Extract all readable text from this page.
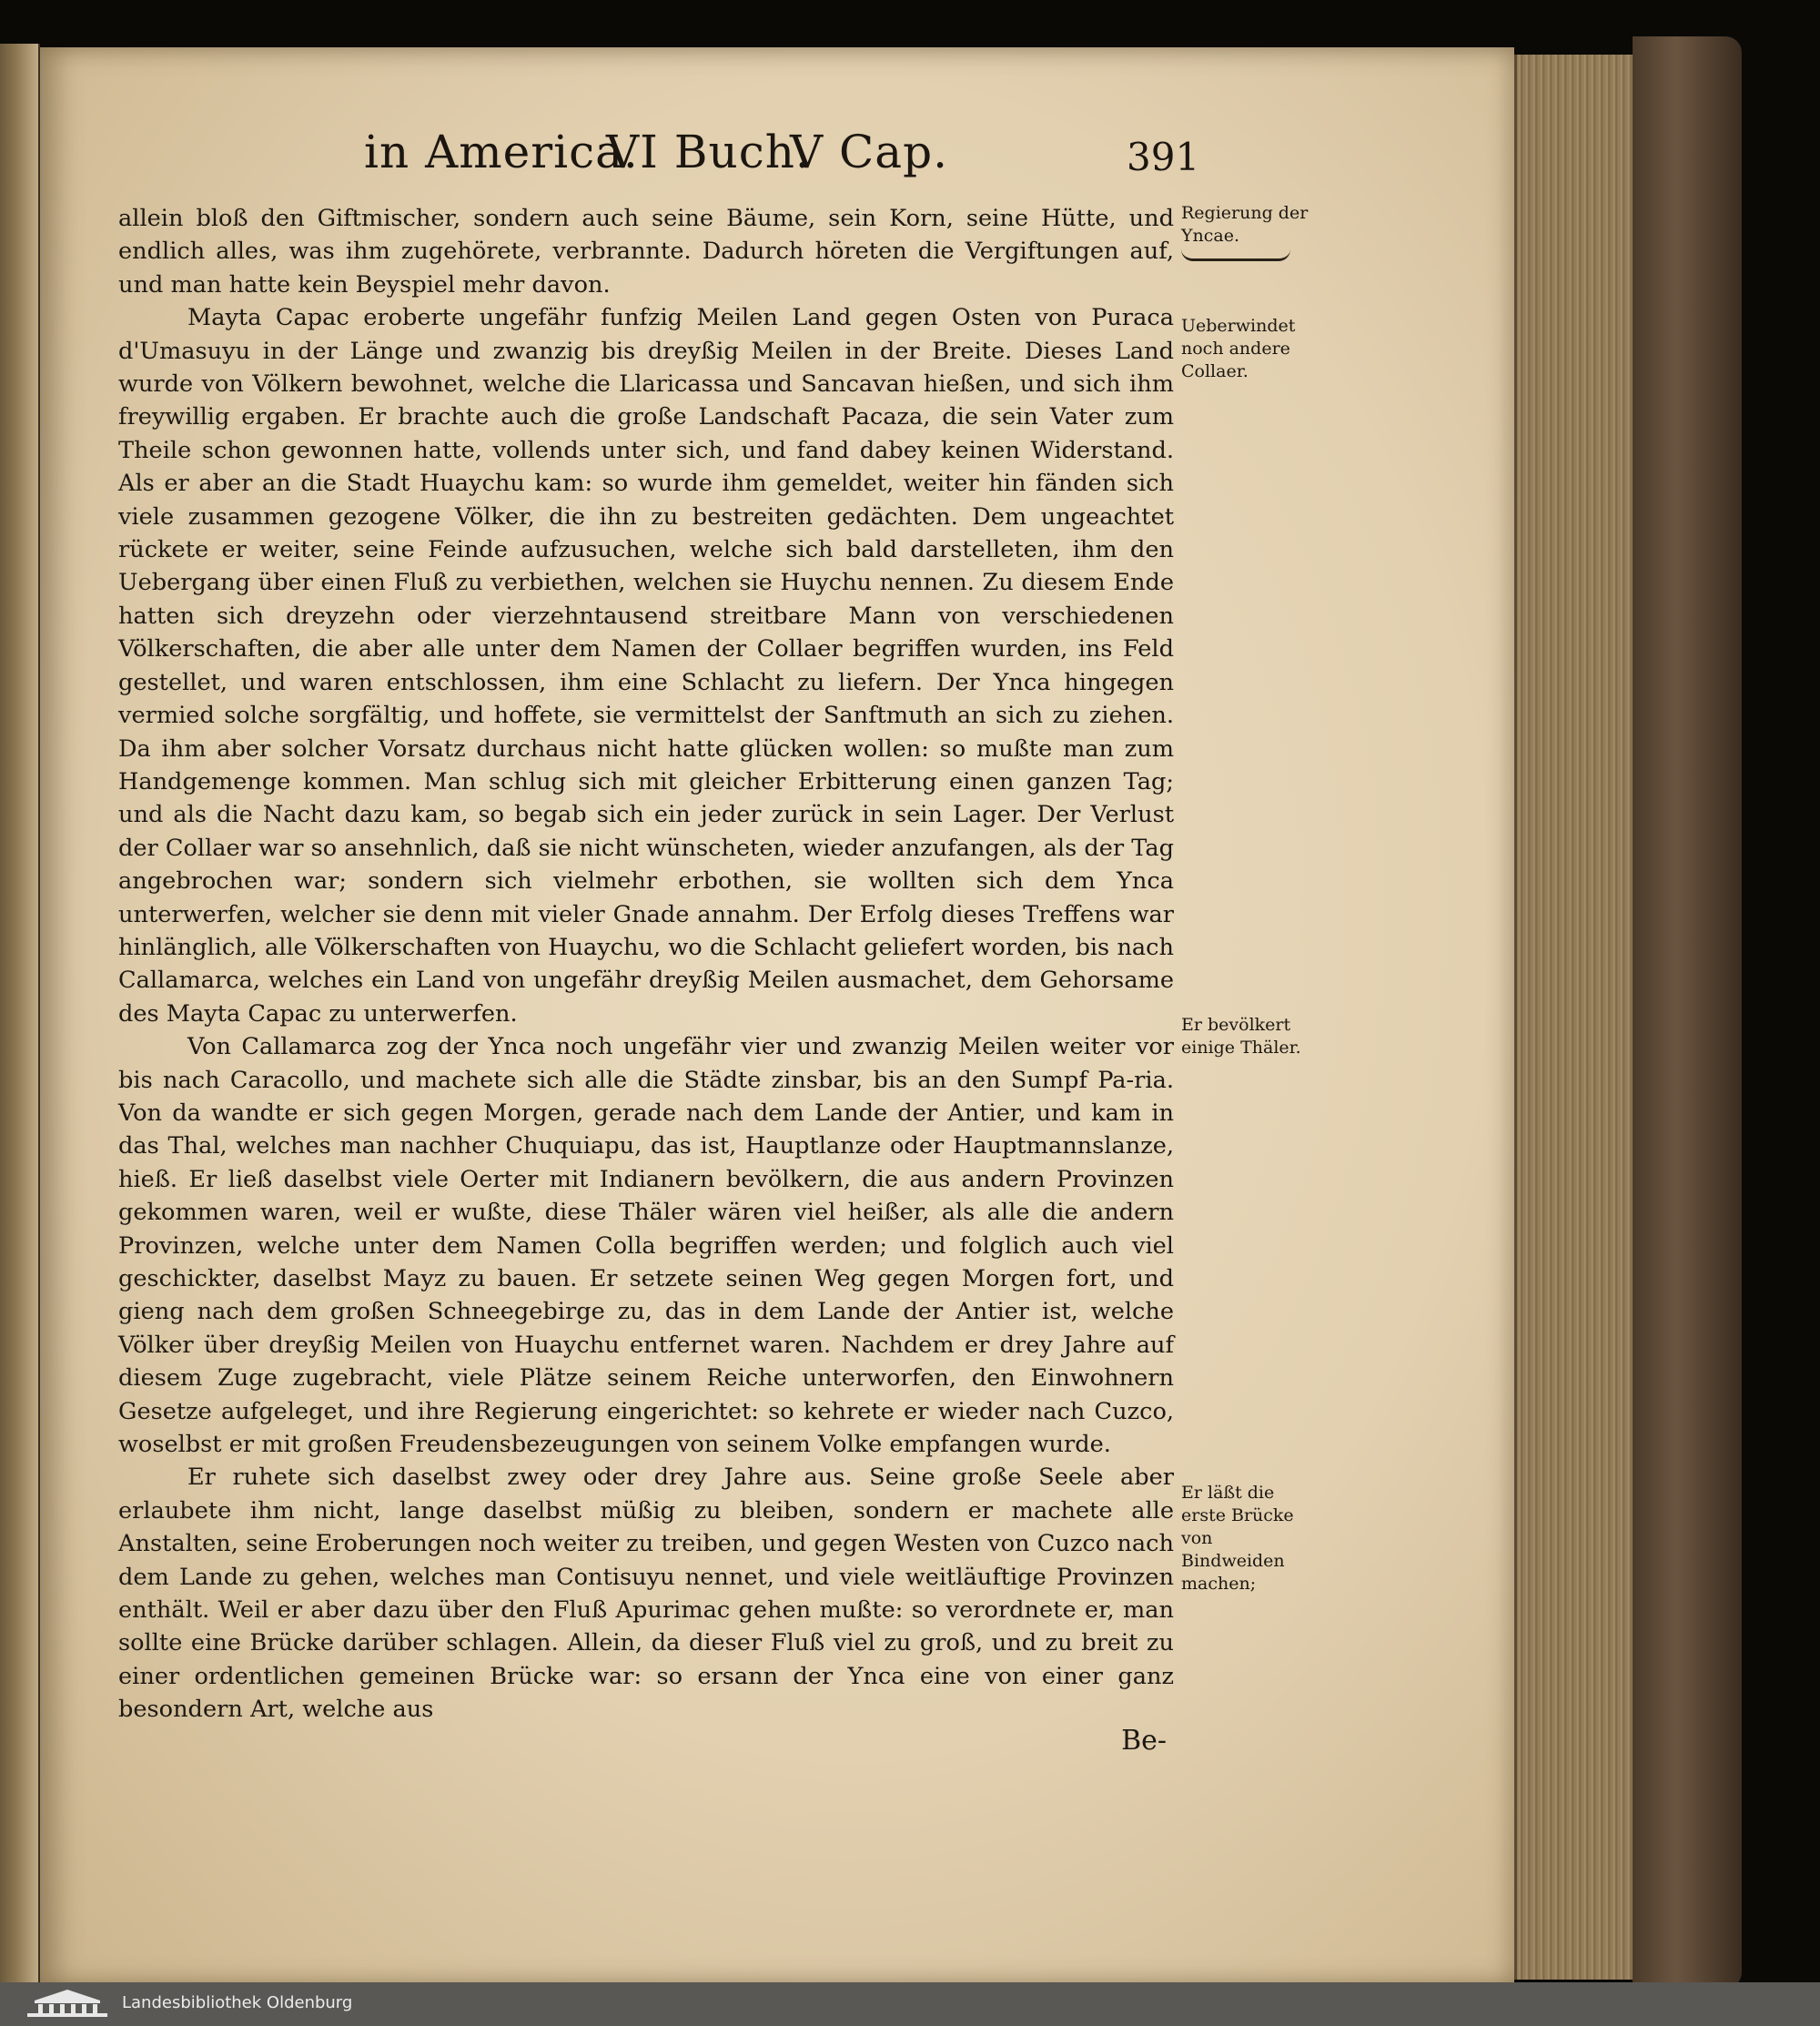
in America.
VI Buch.
V Cap.	391

allein bloß den Giftmischer, sondern auch seine Bäume, sein Korn, seine Hütte, und endlich alles, was ihm zugehörete, verbrannte. Dadurch höreten die Vergiftungen auf, und man hatte kein Beyspiel mehr davon.

Mayta Capac eroberte ungefähr funfzig Meilen Land gegen Osten von Puraca d'Umasuyu in der Länge und zwanzig bis dreyßig Meilen in der Breite. Dieses Land wurde von Völkern bewohnet, welche die Llaricassa und Sancavan hießen, und sich ihm freywillig ergaben. Er brachte auch die große Landschaft Pacaza, die sein Vater zum Theile schon gewonnen hatte, vollends unter sich, und fand dabey keinen Widerstand. Als er aber an die Stadt Huaychu kam: so wurde ihm gemeldet, weiter hin fänden sich viele zusammen gezogene Völker, die ihn zu bestreiten gedächten. Dem ungeachtet rückete er weiter, seine Feinde aufzusuchen, welche sich bald darstelleten, ihm den Uebergang über einen Fluß zu verbiethen, welchen sie Huychu nennen. Zu diesem Ende hatten sich dreyzehn oder vierzehntausend streitbare Mann von verschiedenen Völkerschaften, die aber alle unter dem Namen der Collaer begriffen wurden, ins Feld gestellet, und waren entschlossen, ihm eine Schlacht zu liefern. Der Ynca hingegen vermied solche sorgfältig, und hoffete, sie vermittelst der Sanftmuth an sich zu ziehen. Da ihm aber solcher Vorsatz durchaus nicht hatte glücken wollen: so mußte man zum Handgemenge kommen. Man schlug sich mit gleicher Erbitterung einen ganzen Tag; und als die Nacht dazu kam, so begab sich ein jeder zurück in sein Lager. Der Verlust der Collaer war so ansehnlich, daß sie nicht wünscheten, wieder anzufangen, als der Tag angebrochen war; sondern sich vielmehr erbothen, sie wollten sich dem Ynca unterwerfen, welcher sie denn mit vieler Gnade annahm. Der Erfolg dieses Treffens war hinlänglich, alle Völkerschaften von Huaychu, wo die Schlacht geliefert worden, bis nach Callamarca, welches ein Land von ungefähr dreyßig Meilen ausmachet, dem Gehorsame des Mayta Capac zu unterwerfen.

Von Callamarca zog der Ynca noch ungefähr vier und zwanzig Meilen weiter vor bis nach Caracollo, und machete sich alle die Städte zinsbar, bis an den Sumpf Pa-ria. Von da wandte er sich gegen Morgen, gerade nach dem Lande der Antier, und kam in das Thal, welches man nachher Chuquiapu, das ist, Hauptlanze oder Hauptmannslanze, hieß. Er ließ daselbst viele Oerter mit Indianern bevölkern, die aus andern Provinzen gekommen waren, weil er wußte, diese Thäler wären viel heißer, als alle die andern Provinzen, welche unter dem Namen Colla begriffen werden; und folglich auch viel geschickter, daselbst Mayz zu bauen. Er setzete seinen Weg gegen Morgen fort, und gieng nach dem großen Schneegebirge zu, das in dem Lande der Antier ist, welche Völker über dreyßig Meilen von Huaychu entfernet waren. Nachdem er drey Jahre auf diesem Zuge zugebracht, viele Plätze seinem Reiche unterworfen, den Einwohnern Gesetze aufgeleget, und ihre Regierung eingerichtet: so kehrete er wieder nach Cuzco, woselbst er mit großen Freudensbezeugungen von seinem Volke empfangen wurde.

Er ruhete sich daselbst zwey oder drey Jahre aus. Seine große Seele aber erlaubete ihm nicht, lange daselbst müßig zu bleiben, sondern er machete alle Anstalten, seine Eroberungen noch weiter zu treiben, und gegen Westen von Cuzco nach dem Lande zu gehen, welches man Contisuyu nennet, und viele weitläuftige Provinzen enthält. Weil er aber dazu über den Fluß Apurimac gehen mußte: so verordnete er, man sollte eine Brücke darüber schlagen. Allein, da dieser Fluß viel zu groß, und zu breit zu einer ordentlichen gemeinen Brücke war: so ersann der Ynca eine von einer ganz besondern Art, welche aus

Be-
Regierung der Yncae.
Ueberwindet noch andere Collaer.
Er bevölkert einige Thäler.
Er läßt die erste Brücke von Bindweiden machen;
Landesbibliothek Oldenburg
